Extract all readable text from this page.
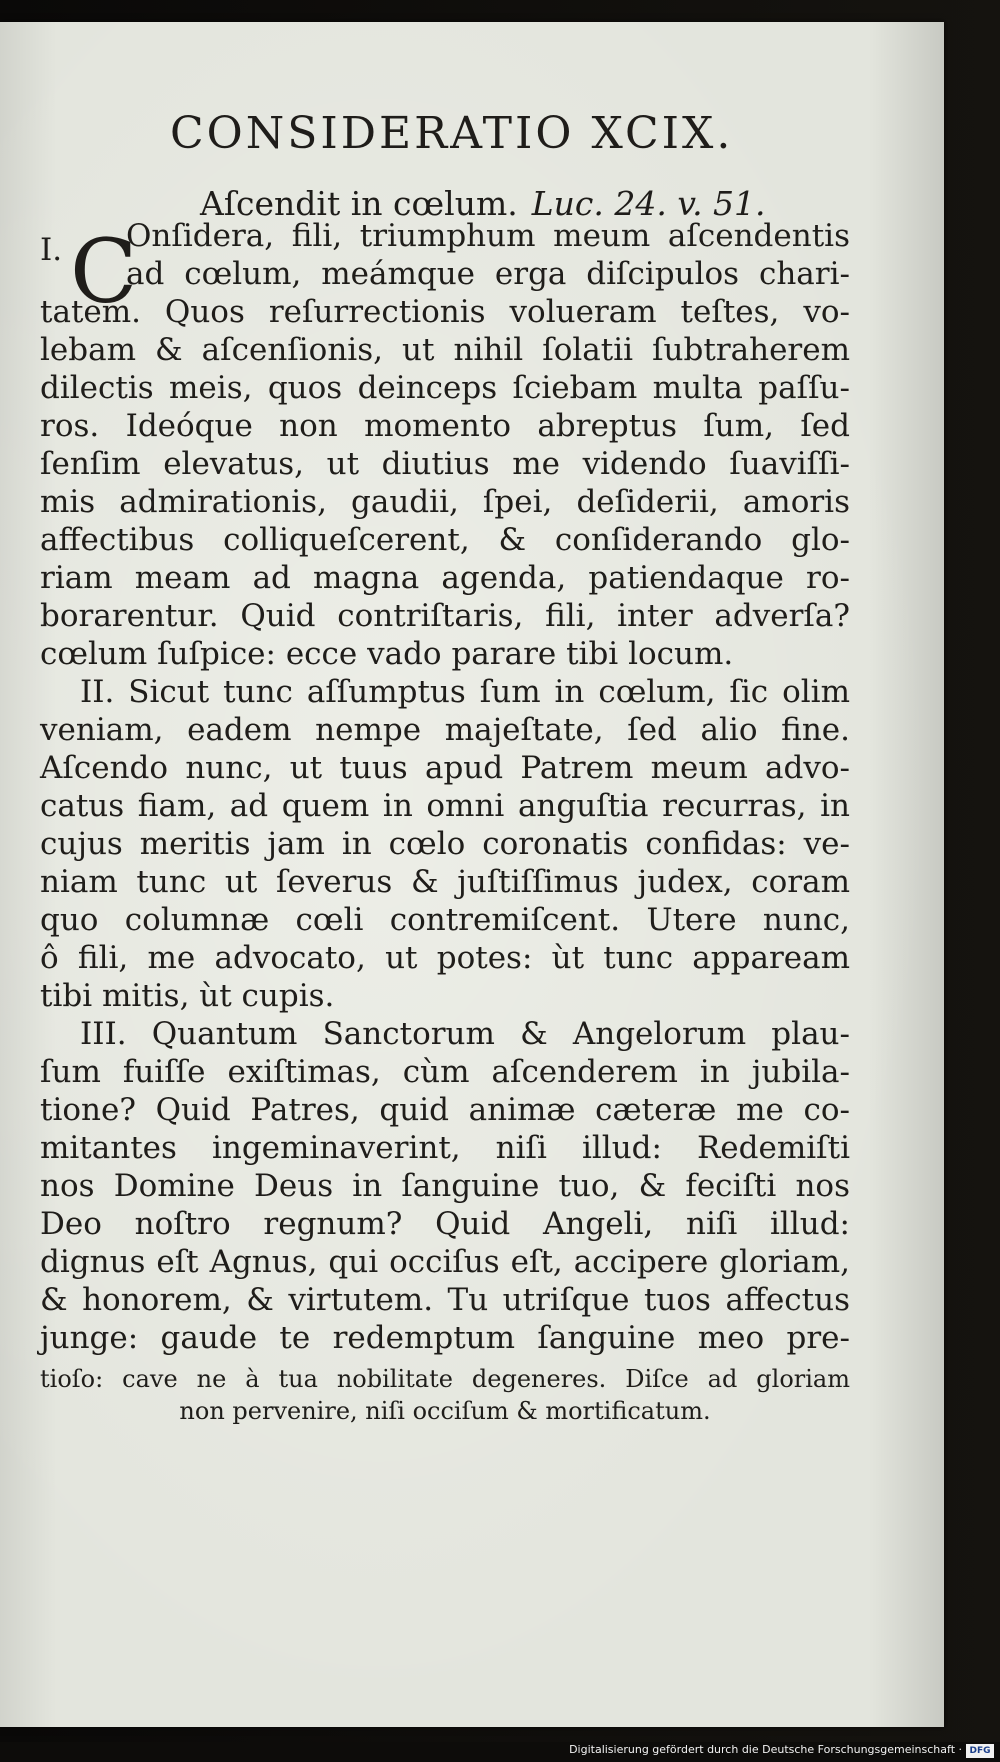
CONSIDERATIO XCIX.
Aſcendit in cœlum. Luc. 24. v. 51.
I. C
Onſidera, fili, triumphum meum aſcendentis
ad cœlum, meámque erga diſcipulos chari-
tatem. Quos reſurrectionis volueram teſtes, vo-
lebam & aſcenſionis, ut nihil ſolatii ſubtraherem
dilectis meis, quos deinceps ſciebam multa paſſu-
ros. Ideóque non momento abreptus ſum, ſed
ſenſim elevatus, ut diutius me videndo ſuaviſſi-
mis admirationis, gaudii, ſpei, deſiderii, amoris
affectibus colliqueſcerent, & conſiderando glo-
riam meam ad magna agenda, patiendaque ro-
borarentur. Quid contriſtaris, fili, inter adverſa?
cœlum ſuſpice: ecce vado parare tibi locum.
II. Sicut tunc aſſumptus ſum in cœlum, ſic olim
veniam, eadem nempe majeſtate, ſed alio fine.
Aſcendo nunc, ut tuus apud Patrem meum advo-
catus fiam, ad quem in omni anguſtia recurras, in
cujus meritis jam in cœlo coronatis confidas: ve-
niam tunc ut ſeverus & juſtiſſimus judex, coram
quo columnæ cœli contremiſcent. Utere nunc,
ô fili, me advocato, ut potes: ùt tunc appaream
tibi mitis, ùt cupis.
III. Quantum Sanctorum & Angelorum plau-
ſum fuiſſe exiſtimas, cùm aſcenderem in jubila-
tione? Quid Patres, quid animæ cæteræ me co-
mitantes ingeminaverint, niſi illud: Redemiſti
nos Domine Deus in ſanguine tuo, & feciſti nos
Deo noſtro regnum? Quid Angeli, niſi illud:
dignus eſt Agnus, qui occiſus eſt, accipere gloriam,
& honorem, & virtutem. Tu utriſque tuos affectus
junge: gaude te redemptum ſanguine meo pre-
tioſo: cave ne à tua nobilitate degeneres. Diſce ad gloriam
non pervenire, niſi occiſum & mortificatum.
Digitalisierung gefördert durch die Deutsche Forschungsgemeinschaft · DFG
